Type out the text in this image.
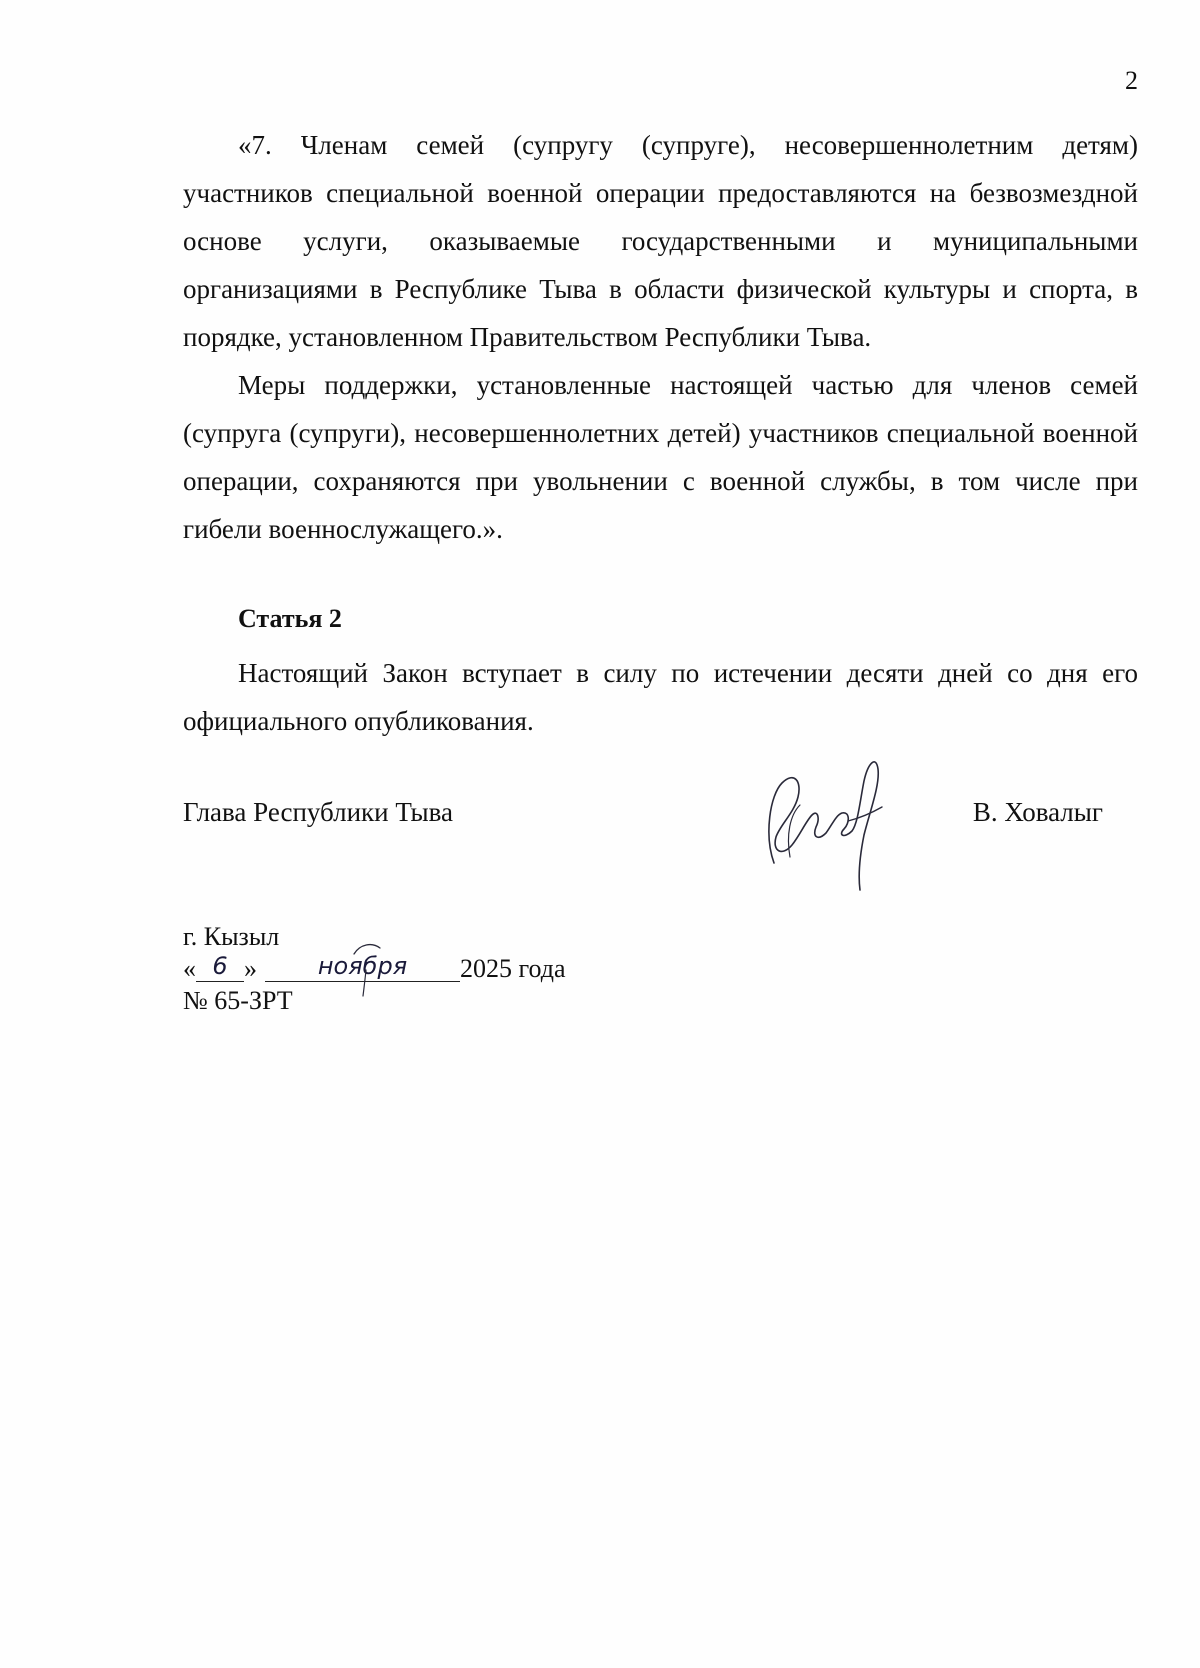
2

«7. Членам семей (супругу (супруге), несовершеннолетним детям) участников специальной военной операции предоставляются на безвозмездной основе услуги, оказываемые государственными и муниципальными организациями в Республике Тыва в области физической культуры и спорта, в порядке, установленном Правительством Республики Тыва.

Меры поддержки, установленные настоящей частью для членов семей (супруга (супруги), несовершеннолетних детей) участников специальной военной операции, сохраняются при увольнении с военной службы, в том числе при гибели военнослужащего.».

Статья 2

Настоящий Закон вступает в силу по истечении десяти дней со дня его официального опубликования.

Глава Республики Тыва	В. Ховалыг
г. Кызыл
« 6 »	ноября	2025 года
№ 65-ЗРТ
